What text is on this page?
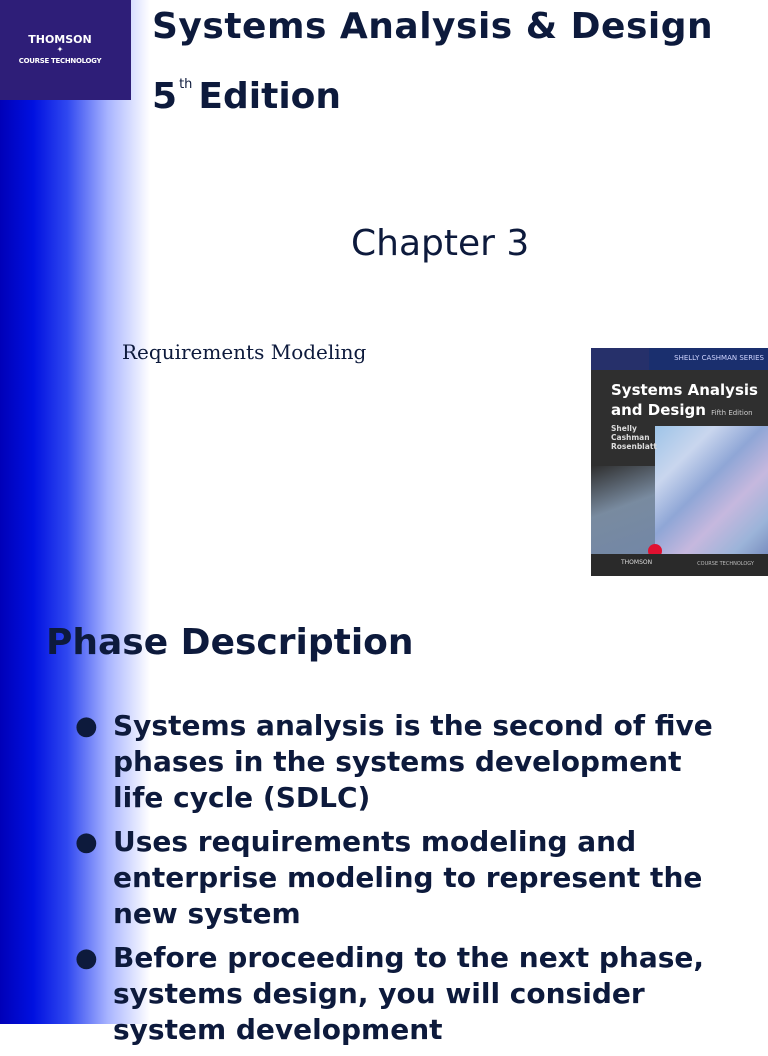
THOMSON
✦
COURSE TECHNOLOGY
Systems Analysis & Design
5 $^{th}$ Edition
Chapter 3
Requirements Modeling	SHELLY CASHMAN SERIES
Systems Analysis
and Design Fifth Edition
Shelly
Cashman
Rosenblatt
THOMSON	COURSE TECHNOLOGY
Phase Description
● Systems analysis is the second of five phases in the systems development life cycle (SDLC)
● Uses requirements modeling and enterprise modeling to represent the new system
● Before proceeding to the next phase, systems design, you will consider system development
